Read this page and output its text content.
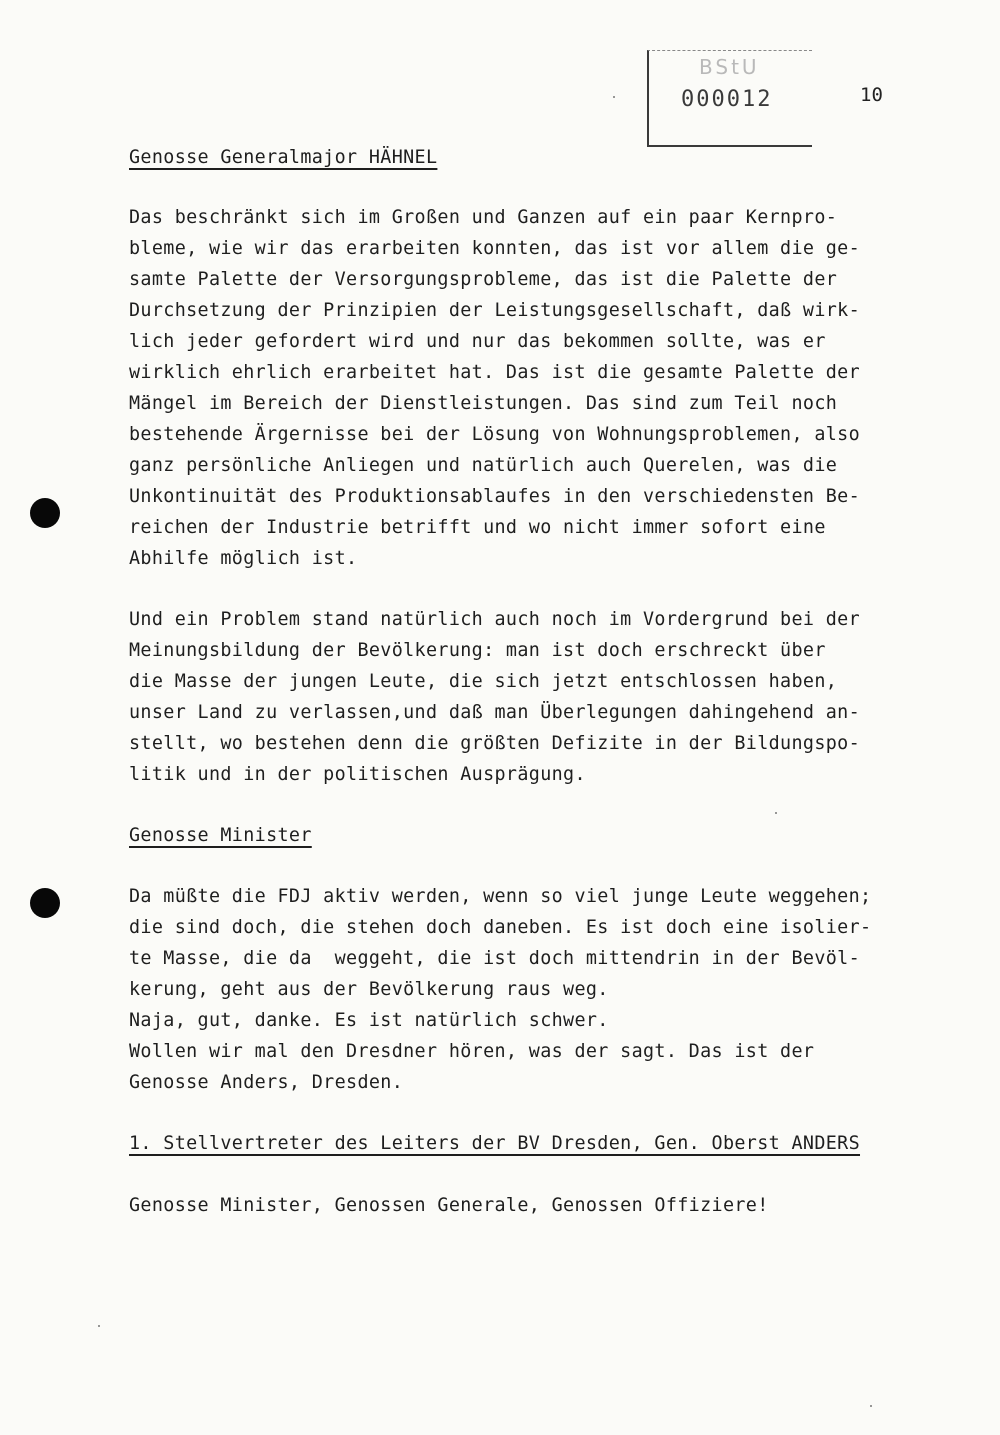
BStU
000012	10
Genosse Generalmajor HÄHNEL
Das beschränkt sich im Großen und Ganzen auf ein paar Kernpro-
bleme, wie wir das erarbeiten konnten, das ist vor allem die ge-
samte Palette der Versorgungsprobleme, das ist die Palette der
Durchsetzung der Prinzipien der Leistungsgesellschaft, daß wirk-
lich jeder gefordert wird und nur das bekommen sollte, was er
wirklich ehrlich erarbeitet hat. Das ist die gesamte Palette der
Mängel im Bereich der Dienstleistungen. Das sind zum Teil noch
bestehende Ärgernisse bei der Lösung von Wohnungsproblemen, also
ganz persönliche Anliegen und natürlich auch Querelen, was die
Unkontinuität des Produktionsablaufes in den verschiedensten Be-
reichen der Industrie betrifft und wo nicht immer sofort eine
Abhilfe möglich ist.
Und ein Problem stand natürlich auch noch im Vordergrund bei der
Meinungsbildung der Bevölkerung: man ist doch erschreckt über
die Masse der jungen Leute, die sich jetzt entschlossen haben,
unser Land zu verlassen,und daß man Überlegungen dahingehend an-
stellt, wo bestehen denn die größten Defizite in der Bildungspo-
litik und in der politischen Ausprägung.
Genosse Minister
Da müßte die FDJ aktiv werden, wenn so viel junge Leute weggehen;
die sind doch, die stehen doch daneben. Es ist doch eine isolier-
te Masse, die da  weggeht, die ist doch mittendrin in der Bevöl-
kerung, geht aus der Bevölkerung raus weg.
Naja, gut, danke. Es ist natürlich schwer.
Wollen wir mal den Dresdner hören, was der sagt. Das ist der
Genosse Anders, Dresden.
1. Stellvertreter des Leiters der BV Dresden, Gen. Oberst ANDERS
Genosse Minister, Genossen Generale, Genossen Offiziere!
